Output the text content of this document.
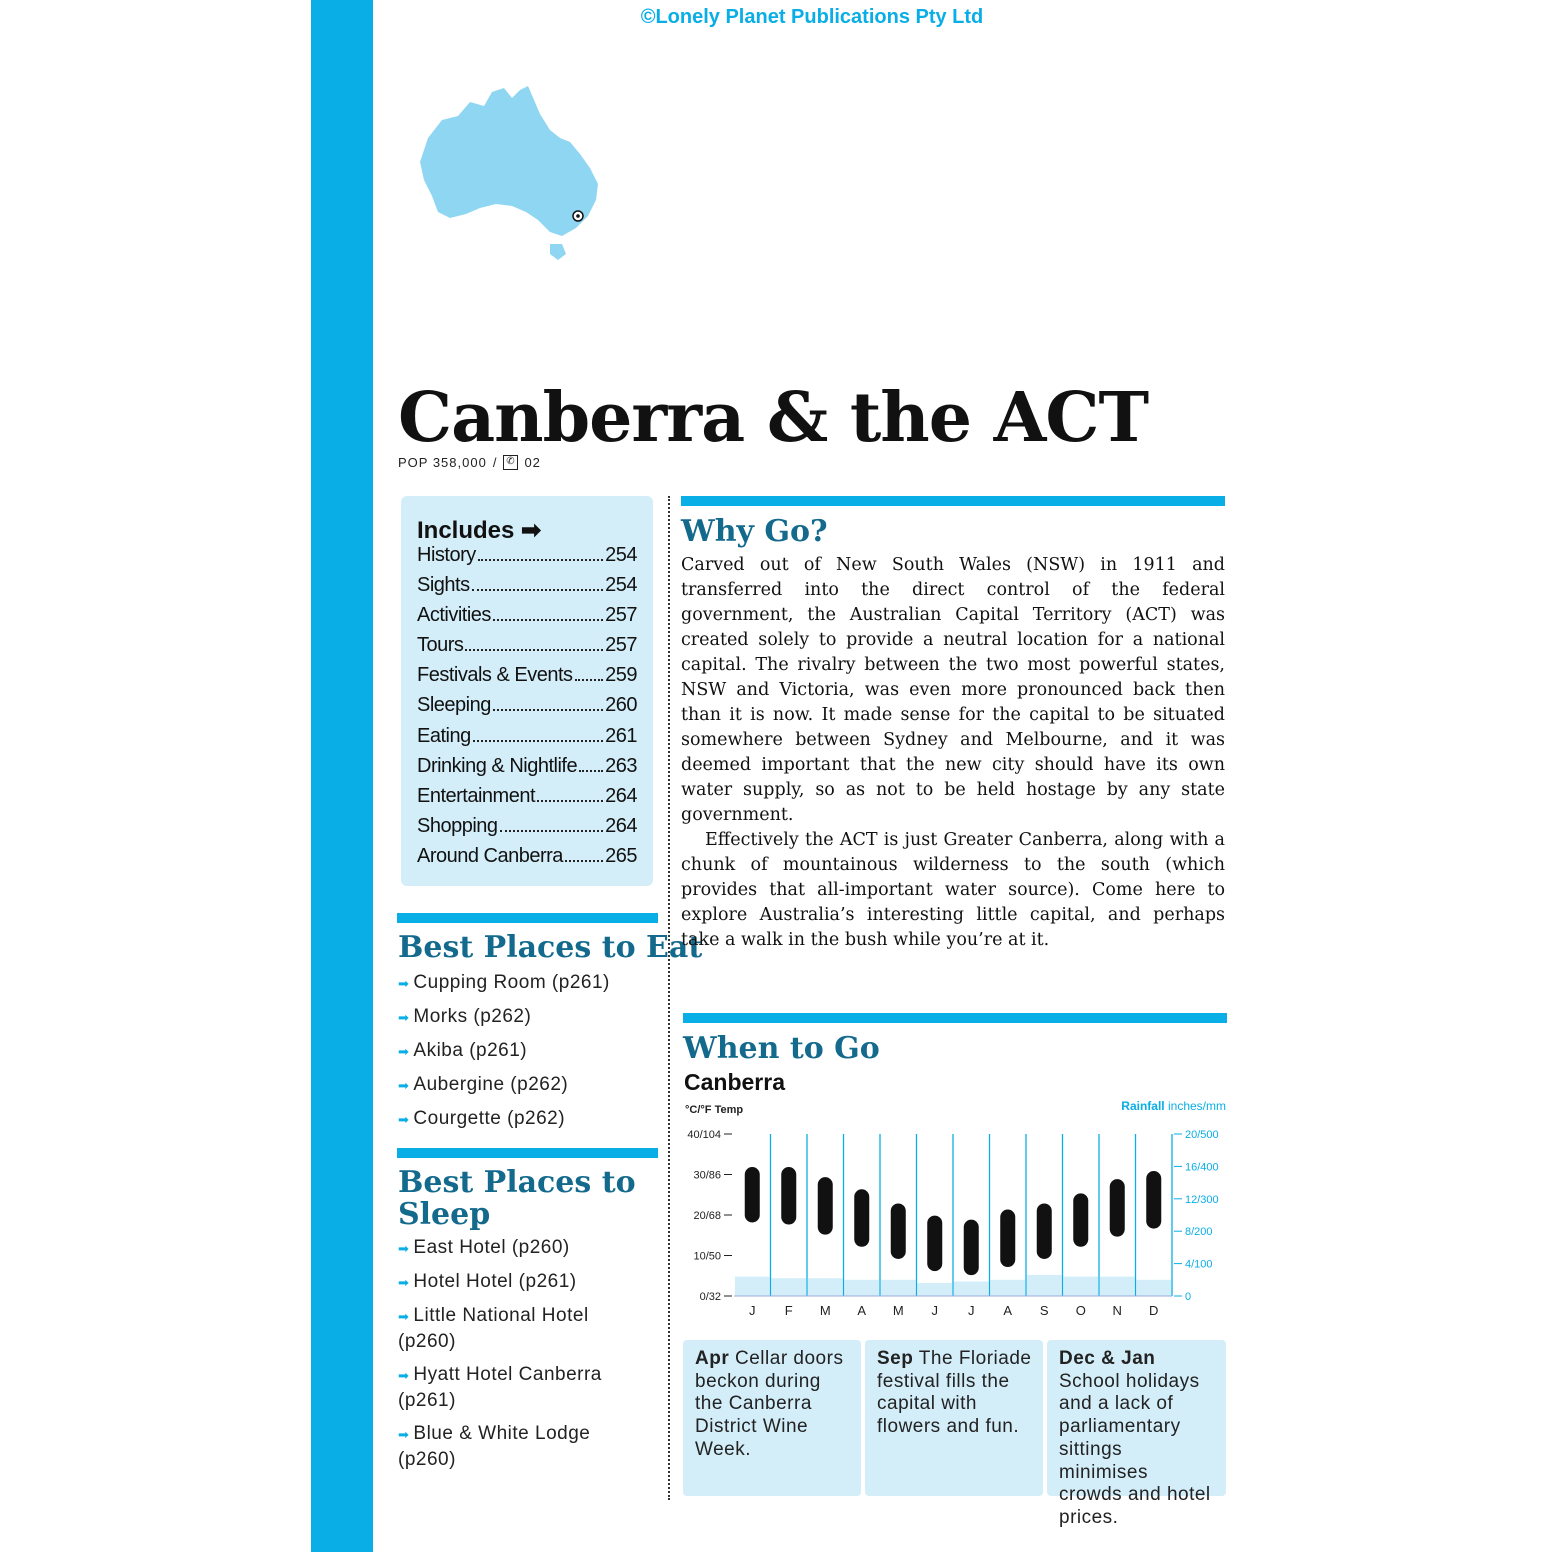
©Lonely Planet Publications Pty Ltd
Canberra & the ACT
POP 358,000 / ✆ 02
Includes ➡
History	254
Sights	254
Activities	257
Tours	257
Festivals & Events 259
Sleeping	260
Eating	261
Drinking & Nightlife 263
Entertainment	264
Shopping	264
Around Canberra 265
Best Places to Eat
➡ Cupping Room (p261)
➡ Morks (p262)
➡ Akiba (p261)
➡ Aubergine (p262)
➡ Courgette (p262)
Best Places to
Sleep
➡ East Hotel (p260)
➡ Hotel Hotel (p261)
➡ Little National Hotel (p260)
➡ Hyatt Hotel Canberra (p261)
➡ Blue & White Lodge (p260)
Why Go?

Carved out of New South Wales (NSW) in 1911 and transferred into the direct control of the federal government, the Australian Capital Territory (ACT) was created solely to provide a neutral location for a national capital. The rivalry between the two most powerful states, NSW and Victoria, was even more pronounced back then than it is now. It made sense for the capital to be situated somewhere between Sydney and Melbourne, and it was deemed important that the new city should have its own water supply, so as not to be held hostage by any state government.

Effectively the ACT is just Greater Canberra, along with a chunk of mountainous wilderness to the south (which provides that all-important water source). Come here to explore Australia’s interesting little capital, and perhaps take a walk in the bush while you’re at it.

When to Go
Canberra
°C/°F Temp	Rainfall inches/mm
40/104
30/86
20/68
10/50
0/32
20/500
16/400
12/300
8/200
4/100
0
J F M A M J J A S O N D
Apr Cellar doors beckon during the Canberra District Wine Week.
Sep The Floriade festival fills the capital with flowers and fun.
Dec & Jan School holidays and a lack of parliamentary sittings minimises crowds and hotel prices.
